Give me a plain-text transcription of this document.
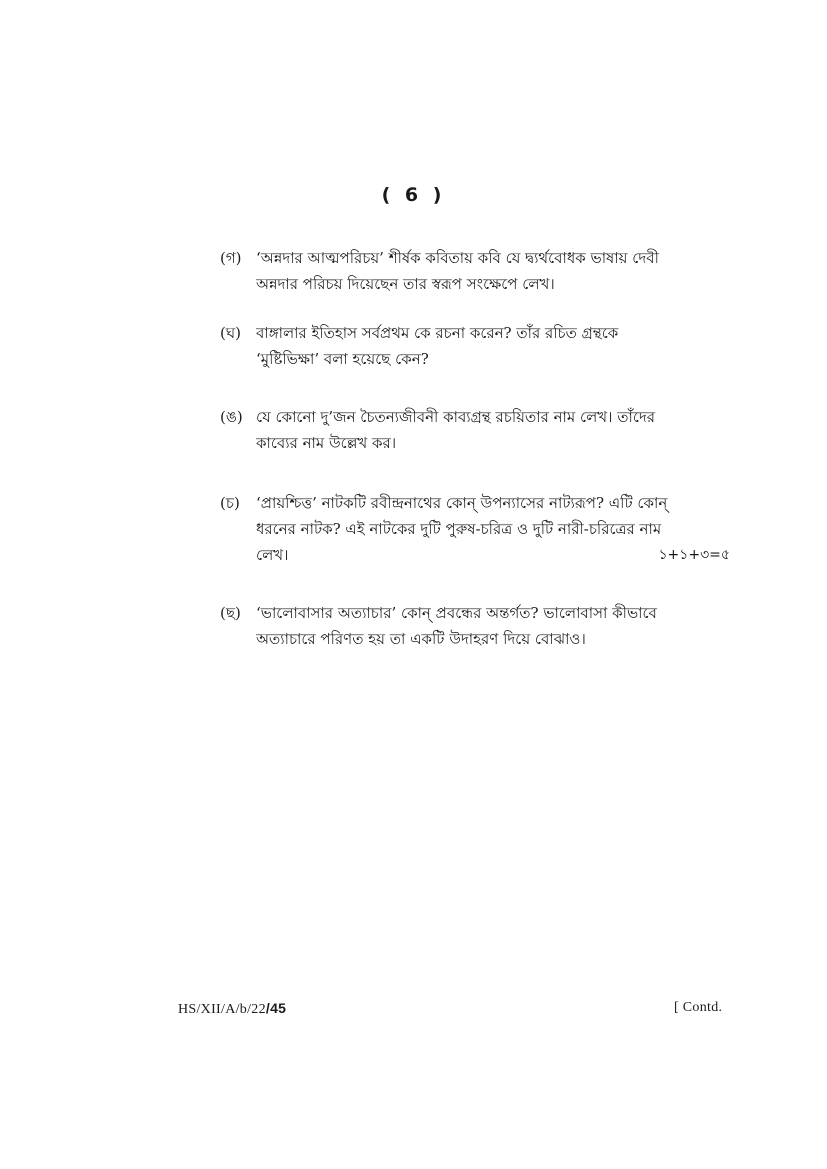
( 6 )
(গ) ‘অন্নদার আত্মপরিচয়’ শীর্ষক কবিতায় কবি যে দ্ব্যর্থবোধক ভাষায় দেবী
অন্নদার পরিচয় দিয়েছেন তার স্বরূপ সংক্ষেপে লেখ।
(ঘ) বাঙ্গালার ইতিহাস সর্বপ্রথম কে রচনা করেন? তাঁর রচিত গ্রন্থকে
‘মুষ্টিভিক্ষা’ বলা হয়েছে কেন?
(ঙ) যে কোনো দু’জন চৈতন্যজীবনী কাব্যগ্রন্থ রচয়িতার নাম লেখ। তাঁদের
কাব্যের নাম উল্লেখ কর।
(চ) ‘প্রায়শ্চিত্ত’ নাটকটি রবীন্দ্রনাথের কোন্ উপন্যাসের নাট্যরূপ? এটি কোন্
ধরনের নাটক? এই নাটকের দুটি পুরুষ-চরিত্র ও দুটি নারী-চরিত্রের নাম
লেখ।	১+১+৩=৫
(ছ) ‘ভালোবাসার অত্যাচার’ কোন্ প্রবন্ধের অন্তর্গত? ভালোবাসা কীভাবে
অত্যাচারে পরিণত হয় তা একটি উদাহরণ দিয়ে বোঝাও।
HS/XII/A/b/22/45	[ Contd.
